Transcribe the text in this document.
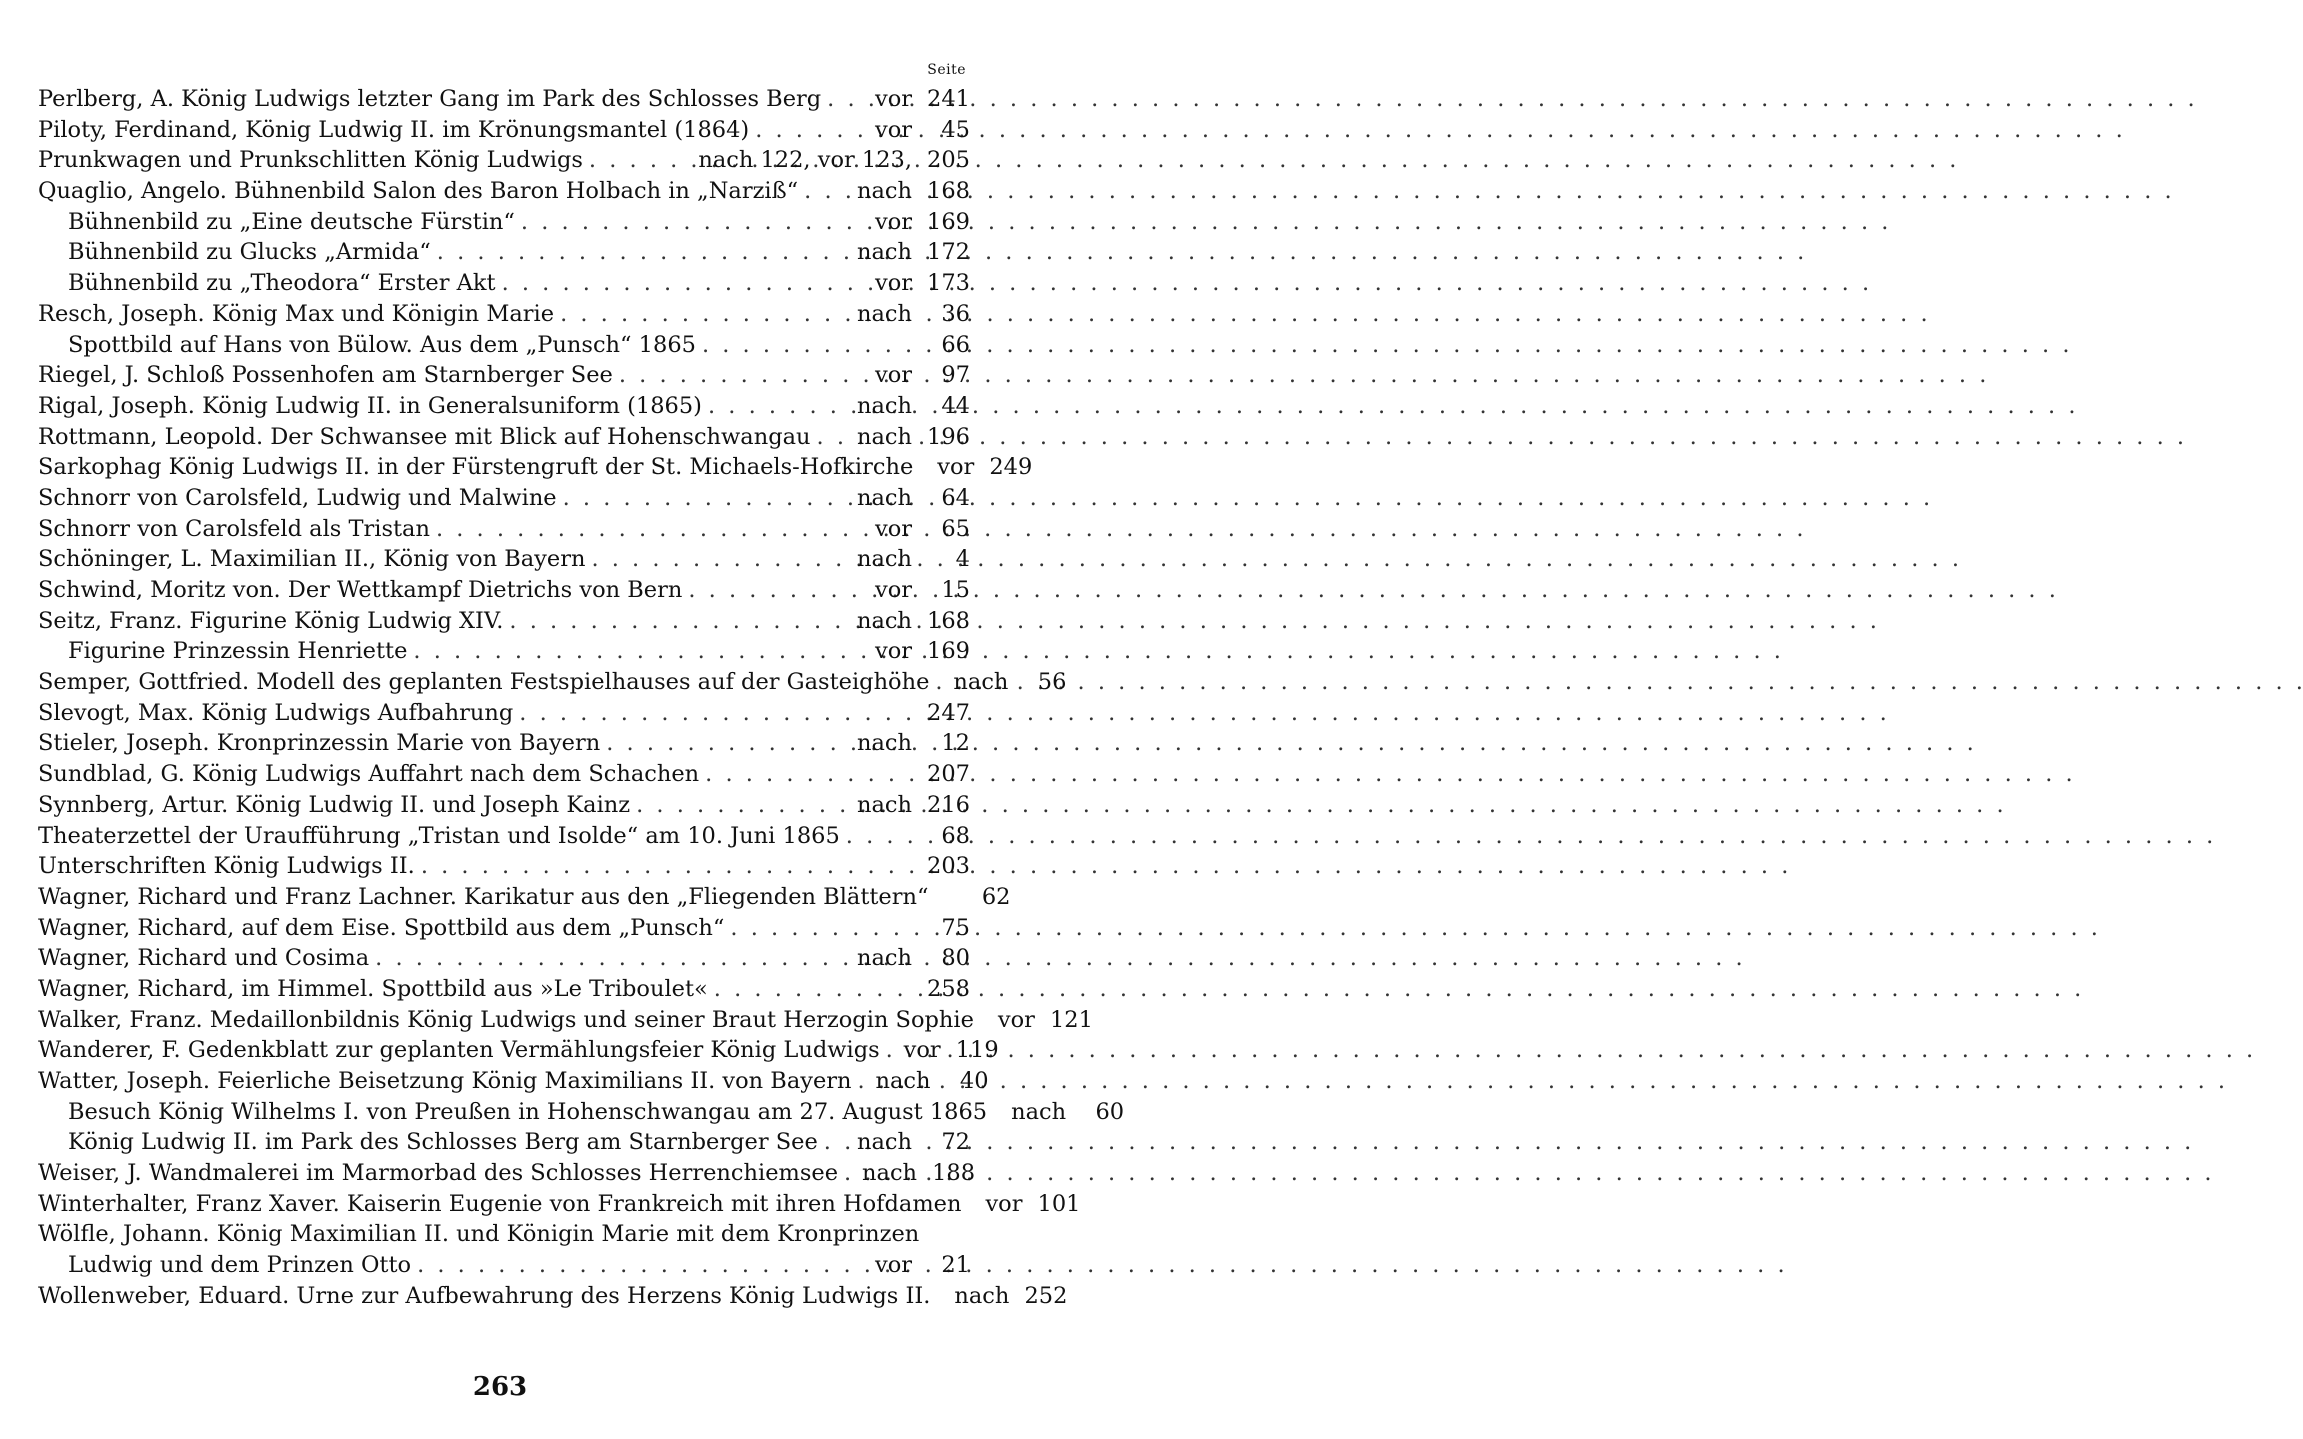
Seite
Perlberg, A. König Ludwigs letzter Gang im Park des Schlosses Berg . . . vor 241
Piloty, Ferdinand, König Ludwig II. im Krönungsmantel (1864) . . .	vor	45
Prunkwagen und Prunkschlitten König Ludwigs . . .	nach 122, vor 123, 205
Quaglio, Angelo. Bühnenbild Salon des Baron Holbach in „Narziß“ . . .	nach 168
Bühnenbild zu „Eine deutsche Fürstin“ . . .	vor 169
Bühnenbild zu Glucks „Armida“ . . .	nach 172
Bühnenbild zu „Theodora“ Erster Akt . . .	vor 173
Resch, Joseph. König Max und Königin Marie . . .	nach	36
Spottbild auf Hans von Bülow. Aus dem „Punsch“ 1865 . . .	66
Riegel, J. Schloß Possenhofen am Starnberger See . . .	vor	97
Rigal, Joseph. König Ludwig II. in Generalsuniform (1865) . . .	nach	44
Rottmann, Leopold. Der Schwansee mit Blick auf Hohenschwangau . . . nach 196
Sarkophag König Ludwigs II. in der Fürstengruft der St. Michaels-Hofkirche vor 249
Schnorr von Carolsfeld, Ludwig und Malwine . . .	nach	64
Schnorr von Carolsfeld als Tristan . . .	vor	65
Schöninger, L. Maximilian II., König von Bayern . . .	nach	4
Schwind, Moritz von. Der Wettkampf Dietrichs von Bern . . .	vor	15
Seitz, Franz. Figurine König Ludwig XIV. . . .	nach 168
Figurine Prinzessin Henriette . . .	vor 169
Semper, Gottfried. Modell des geplanten Festspielhauses auf der Gasteighöhe . . . nach	56
Slevogt, Max. König Ludwigs Aufbahrung . . .	247
Stieler, Joseph. Kronprinzessin Marie von Bayern . . .	nach	12
Sundblad, G. König Ludwigs Auffahrt nach dem Schachen . . .	207
Synnberg, Artur. König Ludwig II. und Joseph Kainz . . .	nach 216
Theaterzettel der Uraufführung „Tristan und Isolde“ am 10. Juni 1865 . . .	68
Unterschriften König Ludwigs II. . . .	203
Wagner, Richard und Franz Lachner. Karikatur aus den „Fliegenden Blättern“	62
Wagner, Richard, auf dem Eise. Spottbild aus dem „Punsch“ . . .	75
Wagner, Richard und Cosima . . .	nach	80
Wagner, Richard, im Himmel. Spottbild aus »Le Triboulet« . . .	258
Walker, Franz. Medaillonbildnis König Ludwigs und seiner Braut Herzogin Sophie vor 121
Wanderer, F. Gedenkblatt zur geplanten Vermählungsfeier König Ludwigs . . . vor 119
Watter, Joseph. Feierliche Beisetzung König Maximilians II. von Bayern . . . nach	40
Besuch König Wilhelms I. von Preußen in Hohenschwangau am 27. August 1865 nach	60
König Ludwig II. im Park des Schlosses Berg am Starnberger See . . . nach	72
Weiser, J. Wandmalerei im Marmorbad des Schlosses Herrenchiemsee . . . nach 188
Winterhalter, Franz Xaver. Kaiserin Eugenie von Frankreich mit ihren Hofdamen vor 101
Wölfle, Johann. König Maximilian II. und Königin Marie mit dem Kronprinzen
Ludwig und dem Prinzen Otto . . .	vor	21
Wollenweber, Eduard. Urne zur Aufbewahrung des Herzens König Ludwigs II. nach 252
263
